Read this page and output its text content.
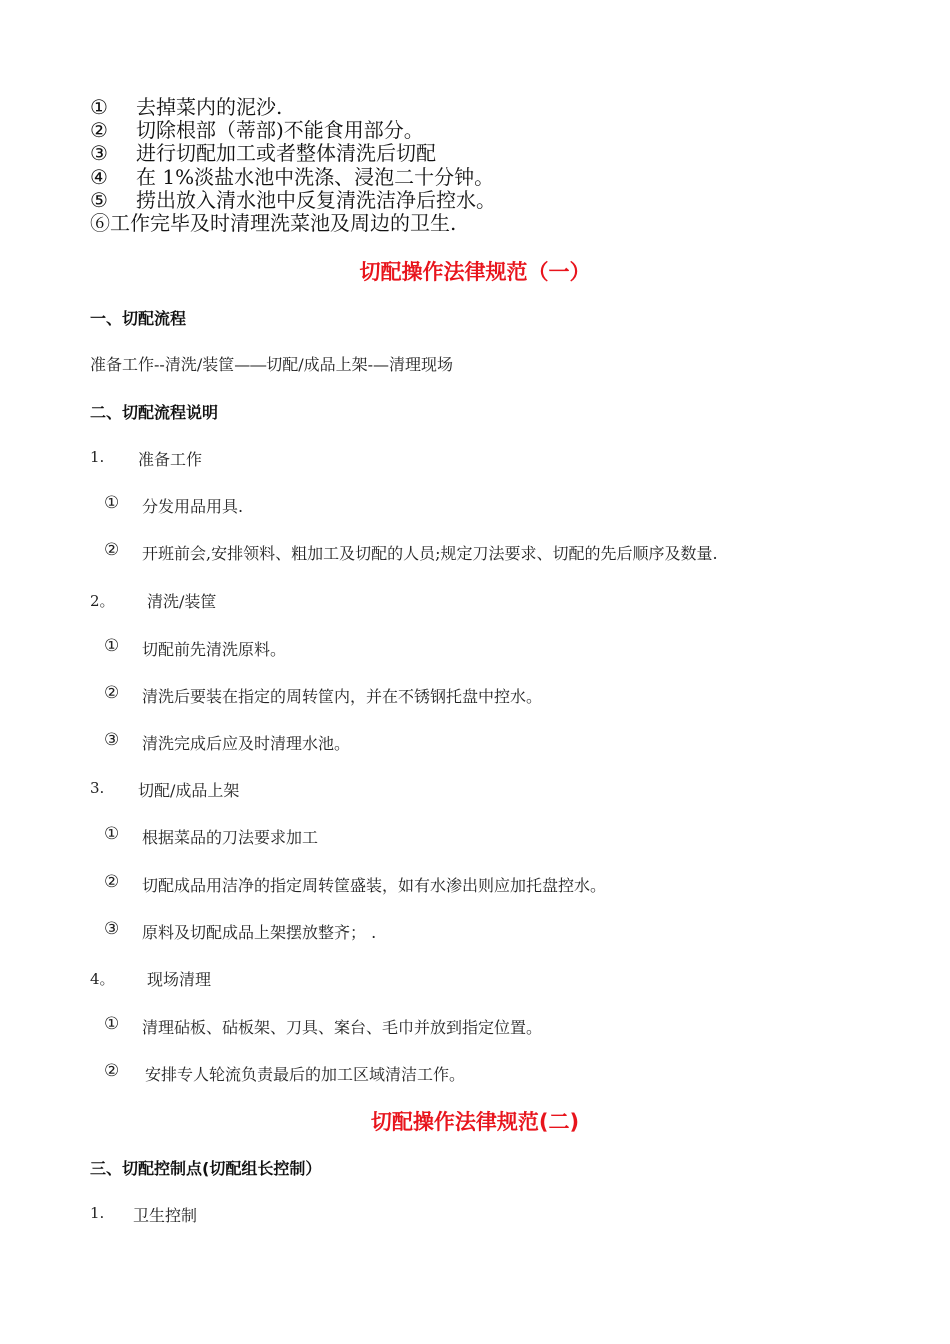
① 去掉菜内的泥沙.
② 切除根部（蒂部)不能食用部分。
③ 进行切配加工或者整体清洗后切配
④ 在 1%淡盐水池中洗涤、浸泡二十分钟。
⑤ 捞出放入清水池中反复清洗洁净后控水。
⑥工作完毕及时清理洗菜池及周边的卫生.
切配操作法律规范（一）
一、切配流程
准备工作--清洗/装筐—―切配/成品上架-—清理现场
二、切配流程说明
1. 准备工作
① 分发用品用具.
② 开班前会,安排领料、粗加工及切配的人员;规定刀法要求、切配的先后顺序及数量.
2。 清洗/装筐
① 切配前先清洗原料。
② 清洗后要装在指定的周转筐内，并在不锈钢托盘中控水。
③ 清洗完成后应及时清理水池。
3. 切配/成品上架
① 根据菜品的刀法要求加工
② 切配成品用洁净的指定周转筐盛装，如有水渗出则应加托盘控水。
③ 原料及切配成品上架摆放整齐； .
4。 现场清理
① 清理砧板、砧板架、刀具、案台、毛巾并放到指定位置。
② 安排专人轮流负责最后的加工区域清洁工作。
切配操作法律规范(二)
三、切配控制点(切配组长控制）
1. 卫生控制
